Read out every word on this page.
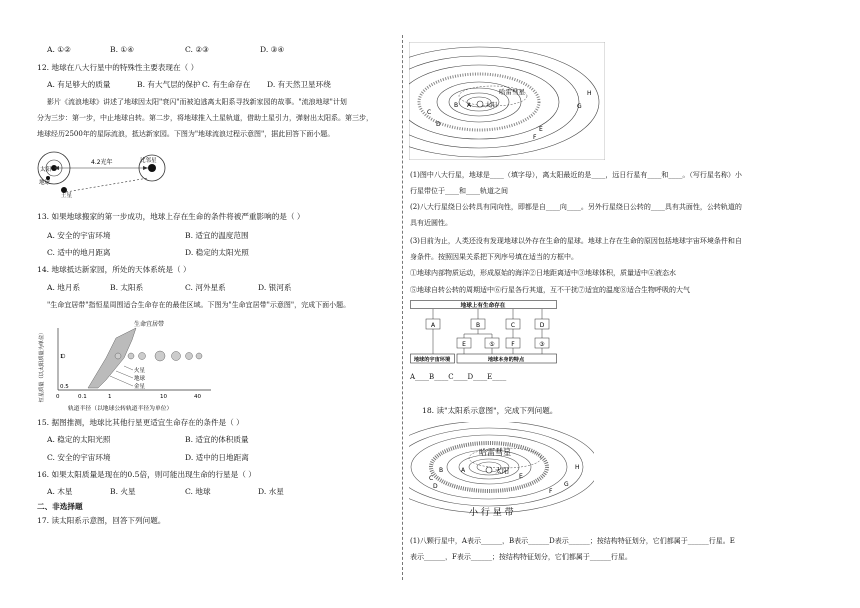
A. ①②	B. ①④	C. ②③	D. ③④
12. 地球在八大行星中的特殊性主要表现在（ ）
A. 有足够大的质量	B. 有大气层的保护 C. 有生命存在 D. 有天然卫星环绕
影片《流浪地球》讲述了地球因太阳"衰闪"而被迫逃离太阳系寻找新家园的故事。"流浪地球"计划
分为三步：第一步，中止地球自转。第二步，将地球推入土星轨道，借助土星引力，弹射出太阳系。第三步，
地球经历2500年的星际流浪，抵达新家园。下图为"地球流浪过程示意图"，据此回答下面小题。
4.2光年
太阳
地球
土星
比邻星
13. 如果地球搬家的第一步成功，地球上存在生命的条件将被严重影响的是（ ）
A. 安全的宇宙环境	B. 适宜的温度范围
C. 适中的地月距离	D. 稳定的太阳光照
14. 地球抵达新家园，所处的天体系统是（ ）
A. 地月系	B. 太阳系	C. 河外星系	D. 银河系
"生命宜居带"指恒星周围适合生命存在的最佳区域。下图为"生命宜居带"示意图"，完成下面小题。
恒星质量（以太阳质量为单位）
生命宜居带
1
0.5
0	0.1	1	10	40
火星
地球
金星
轨道半径（以地球公转轨道半径为单位）
15. 据图推测，地球比其他行星更适宜生命存在的条件是（ ）
A. 稳定的太阳光照	B. 适宜的体积质量
C. 安全的宇宙环境	D. 适中的日地距离
16. 如果太阳质量是现在的0.5倍，则可能出现生命的行星是（ ）
A. 木星	B. 火星	C. 地球	D. 水星
二、非选择题
17. 读太阳系示意图，回答下列问题。
哈雷彗星
太阳
A
B
C
D
E
F
G
H
(1)图中八大行星，地球是____（填字母），离太阳最近的是____，远日行星有____和____。（写行星名称）小
行星带位于____和____轨道之间
(2)八大行星绕日公转具有同向性，即都是自____向____。另外行星绕日公转的____具有共面性，公转轨道的
具有近圆性。
(3)目前为止，人类还没有发现地球以外存在生命的星球。地球上存在生命的原因包括地球宇宙环境条件和自
身条件。按照因果关系把下列序号填在适当的方框中。
①地球内部物质运动，形成原始的海洋②日地距离适中③地球体积，质量适中④液态水
⑤地球自转公转的周期适中⑥行星各行其道，互不干扰⑦适宜的温度⑧适合生物呼吸的大气
地球上有生命存在
A	B	C	D
E	⑤	F	③
地球的宇宙环境	地球本身的特点
A____B____C____D____E____
18. 读"太阳系示意图"，完成下列问题。
哈雷彗星
太阳
小 行 星 带
A
B
C
D
E
F
G
H
(1)八颗行星中，A表示______，B表示______D表示______；按结构特征划分，它们都属于______行星。E
表示______，F表示______；按结构特征划分，它们都属于______行星。
